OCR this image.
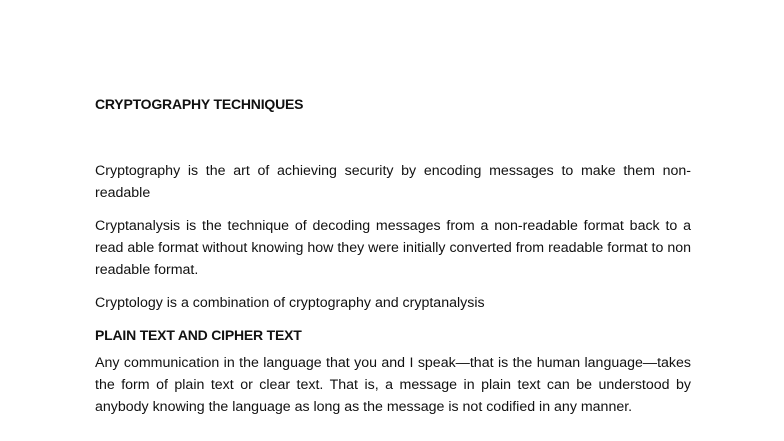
CRYPTOGRAPHY TECHNIQUES

Cryptography is the art of achieving security by encoding messages to make them non-readable

Cryptanalysis is the technique of decoding messages from a non-readable format back to a read able format without knowing how they were initially converted from readable format to non readable format.

Cryptology is a combination of cryptography and cryptanalysis

PLAIN TEXT AND CIPHER TEXT

Any communication in the language that you and I speak—that is the human language—takes the form of plain text or clear text. That is, a message in plain text can be understood by anybody knowing the language as long as the message is not codified in any manner.
